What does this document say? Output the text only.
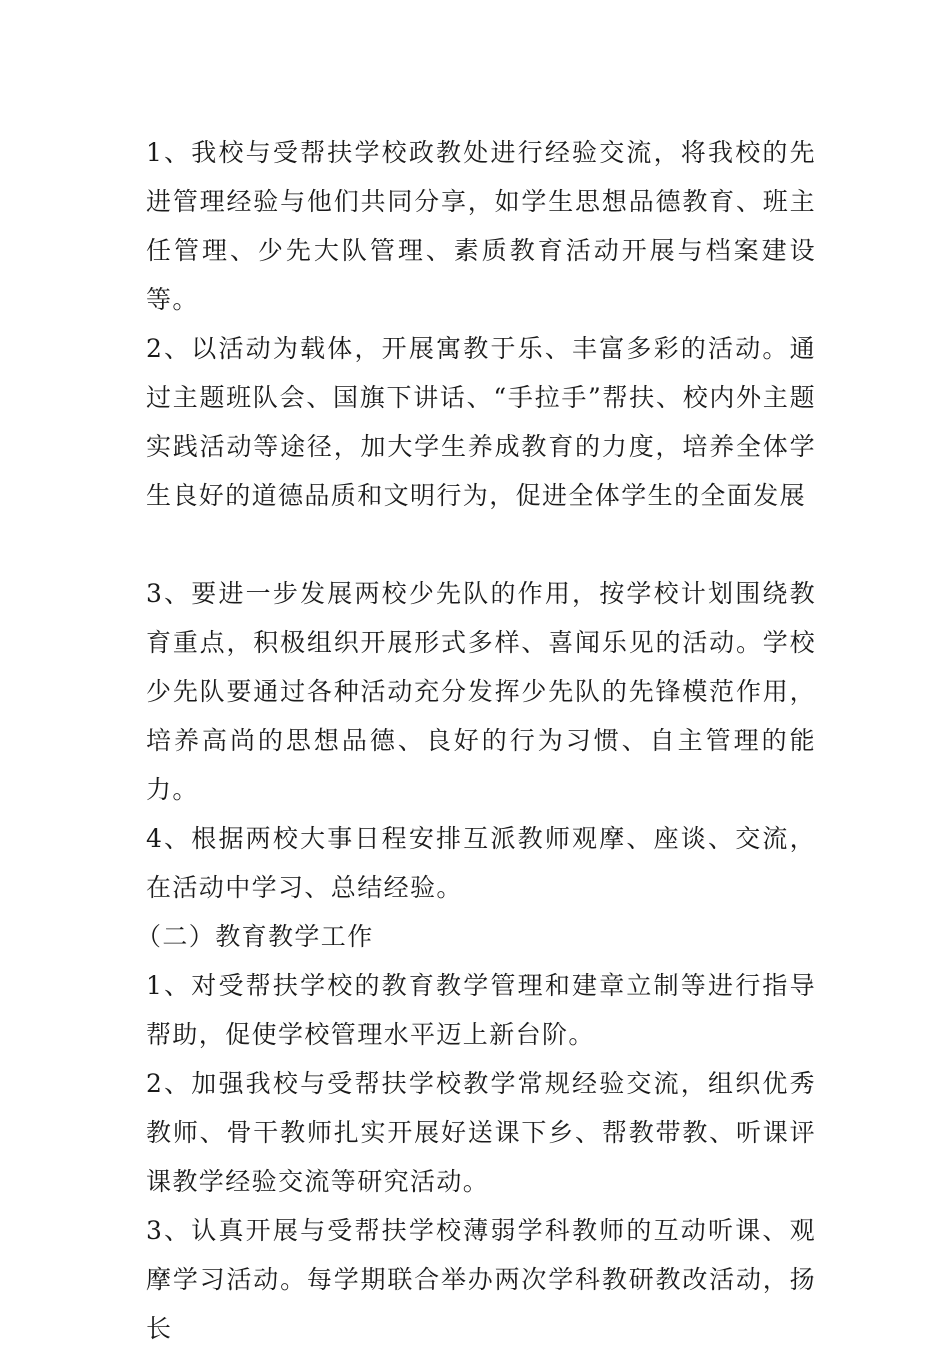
1、我校与受帮扶学校政教处进行经验交流，将我校的先进管理经验与他们共同分享，如学生思想品德教育、班主任管理、少先大队管理、素质教育活动开展与档案建设等。

2、以活动为载体，开展寓教于乐、丰富多彩的活动。通过主题班队会、国旗下讲话、“手拉手”帮扶、校内外主题实践活动等途径，加大学生养成教育的力度，培养全体学生良好的道德品质和文明行为，促进全体学生的全面发展

3、要进一步发展两校少先队的作用，按学校计划围绕教育重点，积极组织开展形式多样、喜闻乐见的活动。学校少先队要通过各种活动充分发挥少先队的先锋模范作用，培养高尚的思想品德、良好的行为习惯、自主管理的能力。

4、根据两校大事日程安排互派教师观摩、座谈、交流，在活动中学习、总结经验。

（二）教育教学工作

1、对受帮扶学校的教育教学管理和建章立制等进行指导帮助，促使学校管理水平迈上新台阶。

2、加强我校与受帮扶学校教学常规经验交流，组织优秀教师、骨干教师扎实开展好送课下乡、帮教带教、听课评课教学经验交流等研究活动。

3、认真开展与受帮扶学校薄弱学科教师的互动听课、观摩学习活动。每学期联合举办两次学科教研教改活动，扬长
